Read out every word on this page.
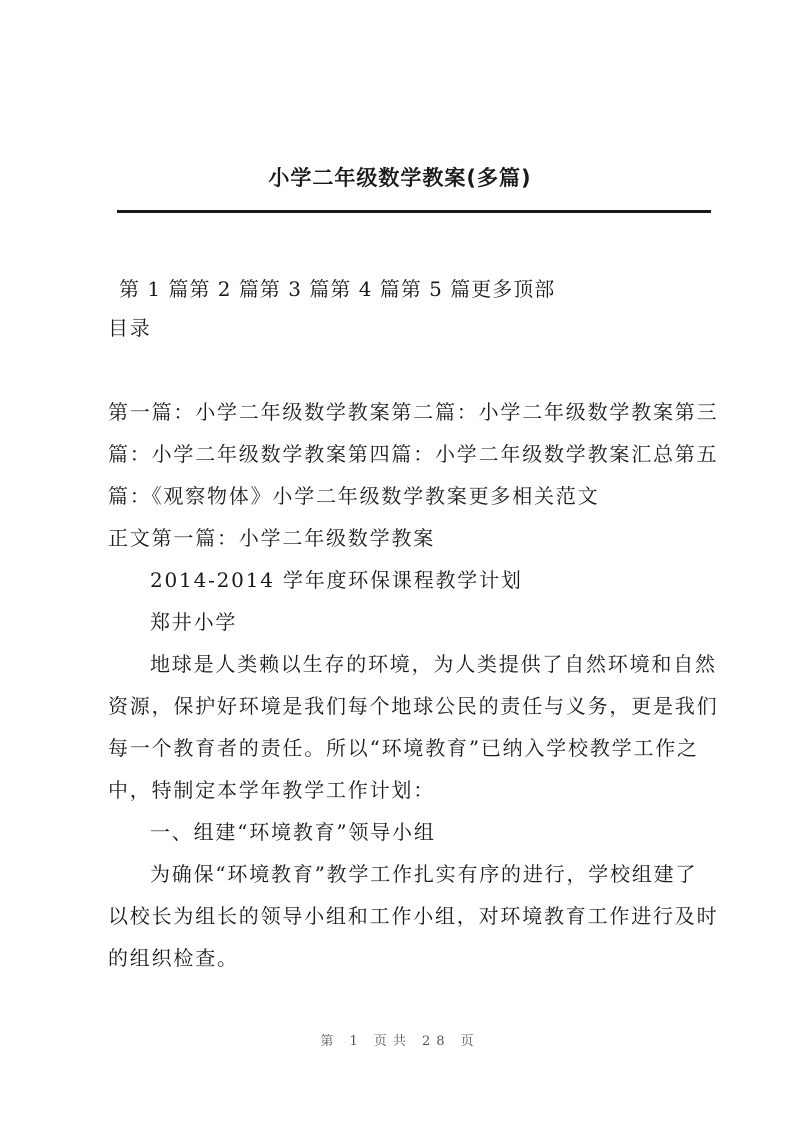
小学二年级数学教案(多篇)
第 1 篇第 2 篇第 3 篇第 4 篇第 5 篇更多顶部
目录
第一篇：小学二年级数学教案第二篇：小学二年级数学教案第三
篇：小学二年级数学教案第四篇：小学二年级数学教案汇总第五
篇：《观察物体》小学二年级数学教案更多相关范文
正文第一篇：小学二年级数学教案
2014-2014 学年度环保课程教学计划
郑井小学
地球是人类赖以生存的环境，为人类提供了自然环境和自然
资源，保护好环境是我们每个地球公民的责任与义务，更是我们
每一个教育者的责任。所以“环境教育”已纳入学校教学工作之
中，特制定本学年教学工作计划：
一、组建“环境教育”领导小组
为确保“环境教育”教学工作扎实有序的进行，学校组建了
以校长为组长的领导小组和工作小组，对环境教育工作进行及时
的组织检查。
第 1 页共 28 页
